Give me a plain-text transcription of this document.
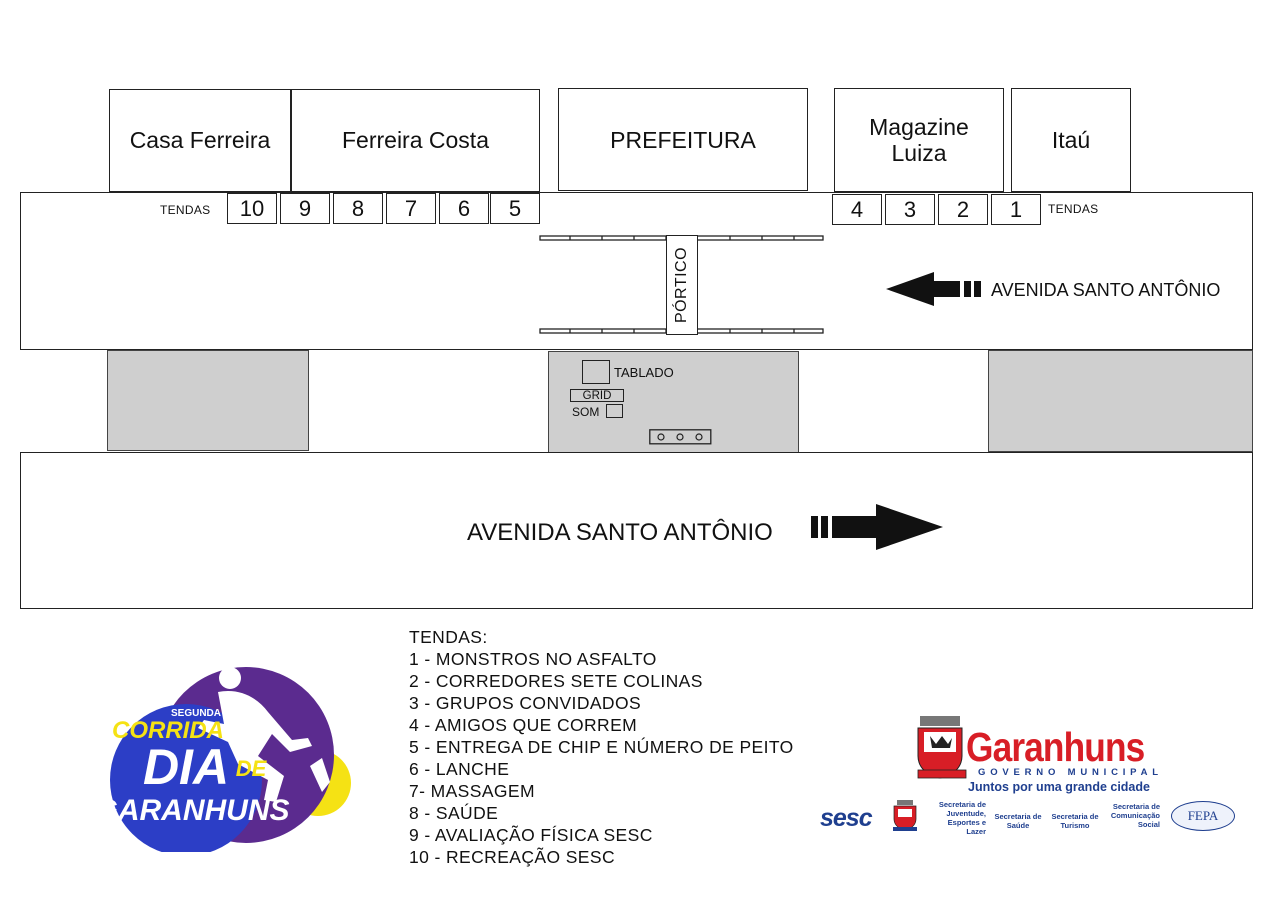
Casa Ferreira	Ferreira Costa	PREFEITURA
Magazine Luiza
Itaú
TENDAS	10	9	8	7	6	5	4	3	2	1	TENDAS
PÓRTICO	AVENIDA SANTO ANTÔNIO
TABLADO
GRID
SOM
AVENIDA SANTO ANTÔNIO
TENDAS:
1 - MONSTROS NO ASFALTO
2 - CORREDORES SETE COLINAS
3 - GRUPOS CONVIDADOS
4 - AMIGOS QUE CORREM
5 - ENTREGA DE CHIP E NÚMERO DE PEITO
6 - LANCHE
7- MASSAGEM
8 - SAÚDE
9 - AVALIAÇÃO FÍSICA SESC
10 - RECREAÇÃO SESC
SEGUNDA
CORRIDA
DIA DE
GARANHUNS
Garanhuns
GOVERNO MUNICIPAL
Juntos por uma grande cidade
sesc	Secretaria de Juventude, Esportes e Lazer
Secretaria de Saúde
Secretaria de Turismo
Secretaria de Comunicação Social
FEPA
